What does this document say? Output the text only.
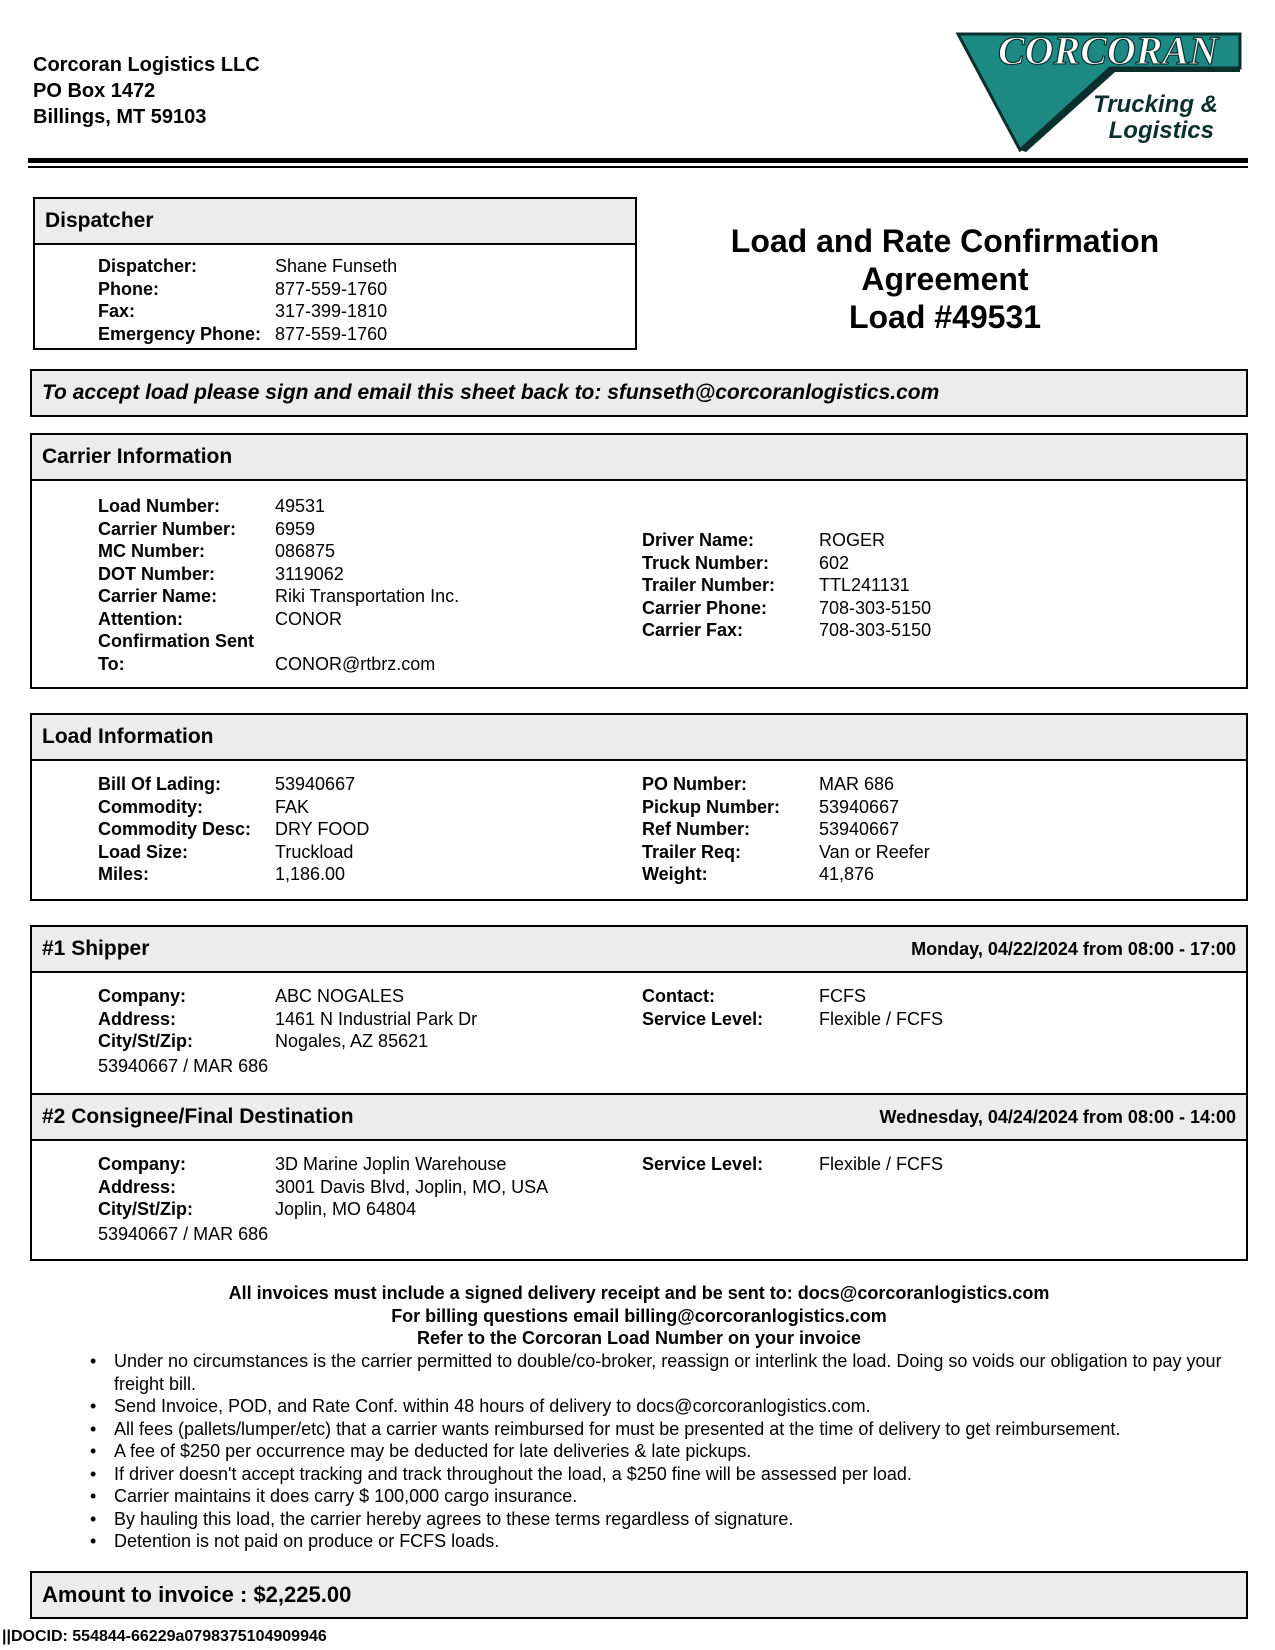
Corcoran Logistics LLC
PO Box 1472
Billings, MT 59103
CORCORAN
Trucking &
Logistics
Dispatcher
Dispatcher:	Shane Funseth
Phone:	877-559-1760
Fax:	317-399-1810
Emergency Phone: 877-559-1760
Load and Rate Confirmation Agreement
Load #49531
To accept load please sign and email this sheet back to: sfunseth@corcoranlogistics.com
Carrier Information
Load Number:	49531
Carrier Number:	6959
MC Number:	086875
DOT Number:	3119062
Carrier Name:	Riki Transportation Inc.
Attention:	CONOR
Confirmation Sent
To:	CONOR@rtbrz.com
Driver Name:	ROGER
Truck Number:	602
Trailer Number:	TTL241131
Carrier Phone:	708-303-5150
Carrier Fax:	708-303-5150
Load Information
Bill Of Lading:	53940667
Commodity:	FAK
Commodity Desc:	DRY FOOD
Load Size:	Truckload
Miles:	1,186.00
PO Number:	MAR 686
Pickup Number:	53940667
Ref Number:	53940667
Trailer Req:	Van or Reefer
Weight:	41,876
#1 Shipper	Monday, 04/22/2024 from 08:00 - 17:00
Company:	ABC NOGALES
Address:	1461 N Industrial Park Dr
City/St/Zip:	Nogales, AZ 85621
Contact:	FCFS
Service Level:	Flexible / FCFS
53940667 / MAR 686
#2 Consignee/Final Destination	Wednesday, 04/24/2024 from 08:00 - 14:00
Company:	3D Marine Joplin Warehouse
Address:	3001 Davis Blvd, Joplin, MO, USA
City/St/Zip:	Joplin, MO 64804
Service Level:	Flexible / FCFS
53940667 / MAR 686
All invoices must include a signed delivery receipt and be sent to: docs@corcoranlogistics.com
For billing questions email billing@corcoranlogistics.com
Refer to the Corcoran Load Number on your invoice
• Under no circumstances is the carrier permitted to double/co-broker, reassign or interlink the load. Doing so voids our obligation to pay your freight bill.
• Send Invoice, POD, and Rate Conf. within 48 hours of delivery to docs@corcoranlogistics.com.
• All fees (pallets/lumper/etc) that a carrier wants reimbursed for must be presented at the time of delivery to get reimbursement.
• A fee of $250 per occurrence may be deducted for late deliveries & late pickups.
• If driver doesn't accept tracking and track throughout the load, a $250 fine will be assessed per load.
• Carrier maintains it does carry $ 100,000 cargo insurance.
• By hauling this load, the carrier hereby agrees to these terms regardless of signature.
• Detention is not paid on produce or FCFS loads.
Amount to invoice : $2,225.00
||DOCID: 554844-66229a0798375104909946
